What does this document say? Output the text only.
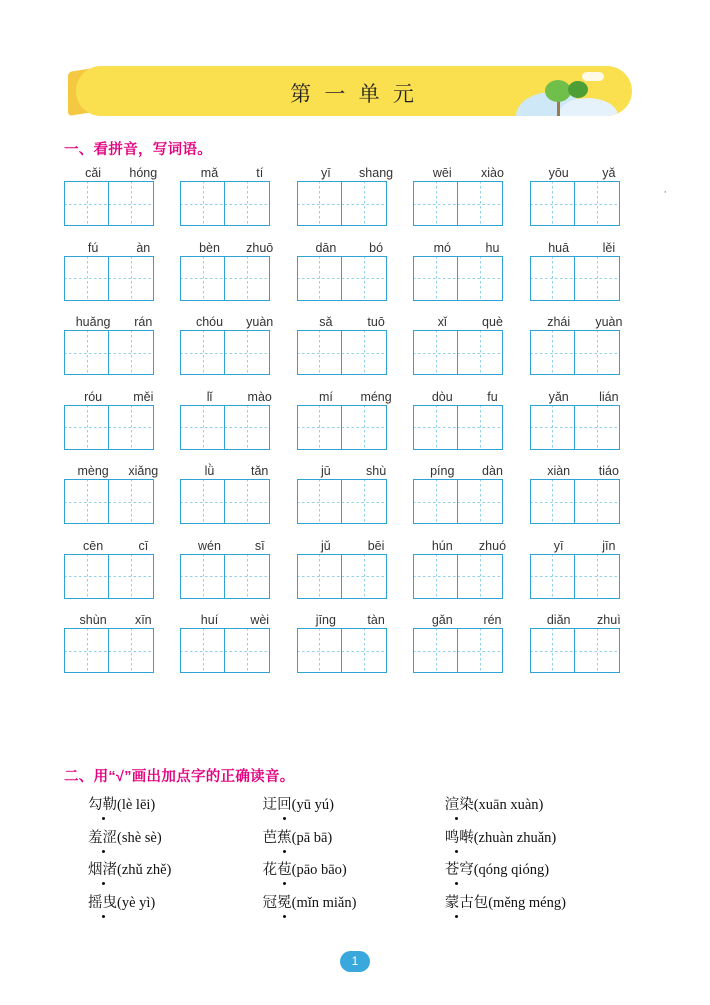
第 一 单 元
一、看拼音，写词语。
·
cǎi	hóng	mǎ	tí	yī	shang	wēi	xiào	yōu	yǎ
fú	àn	bèn	zhuō	dān	bó	mó	hu	huā	lěi
huǎng	rán	chóu	yuàn	sǎ	tuō	xǐ	què	zhái	yuàn
róu	měi	lǐ	mào	mí	méng	dòu	fu	yǎn	lián
mèng	xiǎng	lǜ	tǎn	jū	shù	píng	dàn	xiàn	tiáo
cēn	cī	wén	sī	jǔ	bēi	hún	zhuó	yī	jīn
shùn	xīn	huí	wèi	jīng	tàn	gǎn	rén	diǎn	zhuì
二、用“√”画出加点字的正确读音。
勾勒(lè lēi)	迂回(yū yú)	渲染(xuān xuàn)
羞涩(shè sè)	芭蕉(pā bā)	鸣啭(zhuàn zhuǎn)
烟渚(zhǔ zhě)	花苞(pāo bāo)	苍穹(qóng qióng)
摇曳(yè yì)	冠冕(mǐn miǎn)	蒙古包(měng méng)
1
